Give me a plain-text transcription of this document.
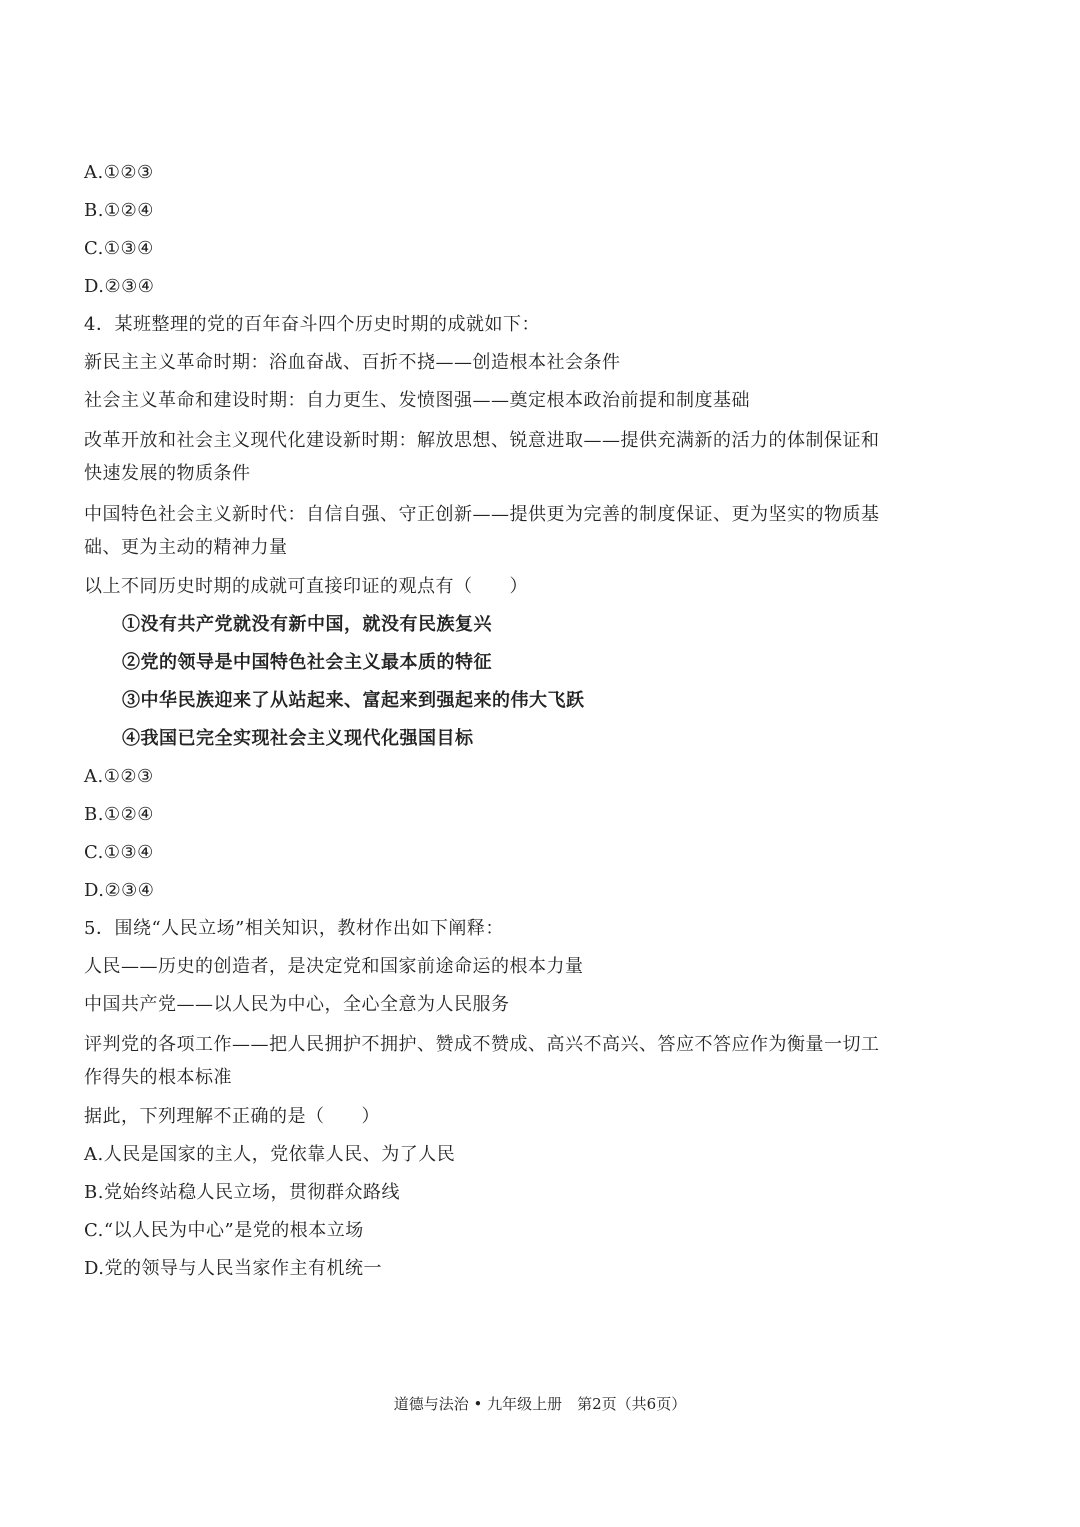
A.①②③
B.①②④
C.①③④
D.②③④
4．某班整理的党的百年奋斗四个历史时期的成就如下：
新民主主义革命时期：浴血奋战、百折不挠——创造根本社会条件
社会主义革命和建设时期：自力更生、发愤图强——奠定根本政治前提和制度基础
改革开放和社会主义现代化建设新时期：解放思想、锐意进取——提供充满新的活力的体制保证和快速发展的物质条件
中国特色社会主义新时代：自信自强、守正创新——提供更为完善的制度保证、更为坚实的物质基础、更为主动的精神力量
以上不同历史时期的成就可直接印证的观点有（　　）
①没有共产党就没有新中国，就没有民族复兴
②党的领导是中国特色社会主义最本质的特征
③中华民族迎来了从站起来、富起来到强起来的伟大飞跃
④我国已完全实现社会主义现代化强国目标
A.①②③
B.①②④
C.①③④
D.②③④
5．围绕“人民立场”相关知识，教材作出如下阐释：
人民——历史的创造者，是决定党和国家前途命运的根本力量
中国共产党——以人民为中心，全心全意为人民服务
评判党的各项工作——把人民拥护不拥护、赞成不赞成、高兴不高兴、答应不答应作为衡量一切工作得失的根本标准
据此，下列理解不正确的是（　　）
A.人民是国家的主人，党依靠人民、为了人民
B.党始终站稳人民立场，贯彻群众路线
C.“以人民为中心”是党的根本立场
D.党的领导与人民当家作主有机统一
道德与法治 • 九年级上册　第2页（共6页）
